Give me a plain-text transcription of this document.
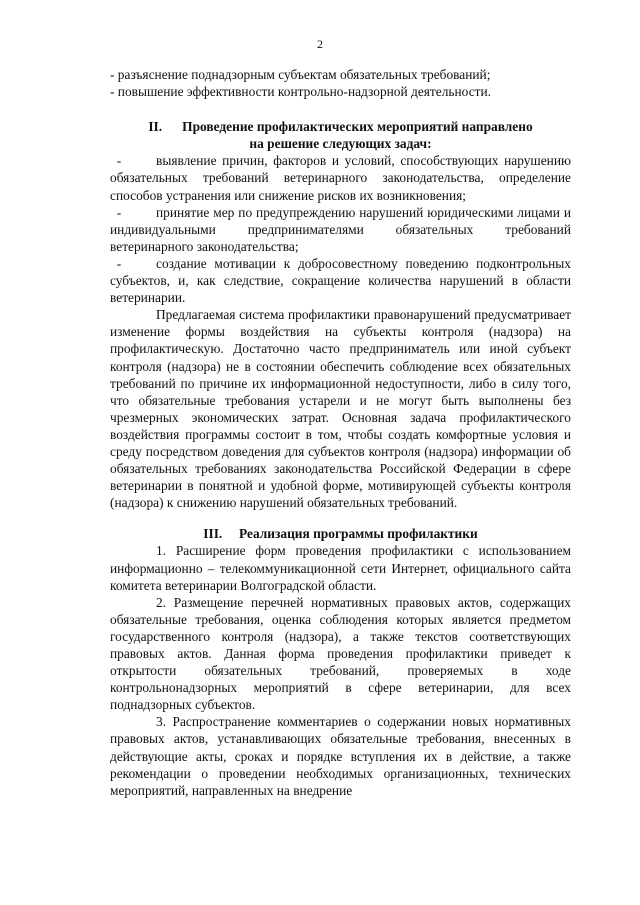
2

- разъяснение поднадзорным субъектам обязательных требований;

- повышение эффективности контрольно-надзорной деятельности.

II.      Проведение профилактических мероприятий направлено

на решение следующих задач:

-	выявление причин, факторов и условий, способствующих нарушению обязательных требований ветеринарного законодательства, определение способов устранения или снижение рисков их возникновения;

-	принятие мер по предупреждению нарушений юридическими лицами и индивидуальными предпринимателями обязательных требований ветеринарного законодательства;

-	создание мотивации к добросовестному поведению подконтрольных субъектов, и, как следствие, сокращение количества нарушений в области ветеринарии.

Предлагаемая система профилактики правонарушений предусматривает изменение формы воздействия на субъекты контроля (надзора) на профилактическую. Достаточно часто предприниматель или иной субъект контроля (надзора) не в состоянии обеспечить соблюдение всех обязательных требований по причине их информационной недоступности, либо в силу того, что обязательные требования устарели и не могут быть выполнены без чрезмерных экономических затрат. Основная задача профилактического воздействия программы состоит в том, чтобы создать комфортные условия и среду посредством доведения для субъектов контроля (надзора) информации об обязательных требованиях законодательства Российской Федерации в сфере ветеринарии в понятной и удобной форме, мотивирующей субъекты контроля (надзора) к снижению нарушений обязательных требований.

III.     Реализация программы профилактики

1. Расширение форм проведения профилактики с использованием информационно – телекоммуникационной сети Интернет, официального сайта комитета ветеринарии Волгоградской области.

2. Размещение перечней нормативных правовых актов, содержащих обязательные требования, оценка соблюдения которых является предметом государственного контроля (надзора), а также текстов соответствующих правовых актов. Данная форма проведения профилактики приведет к открытости обязательных требований, проверяемых в ходе контрольнонадзорных мероприятий в сфере ветеринарии, для всех поднадзорных субъектов.

3. Распространение комментариев о содержании новых нормативных правовых актов, устанавливающих обязательные требования, внесенных в действующие акты, сроках и порядке вступления их в действие, а также рекомендации о проведении необходимых организационных, технических мероприятий, направленных на внедрение
